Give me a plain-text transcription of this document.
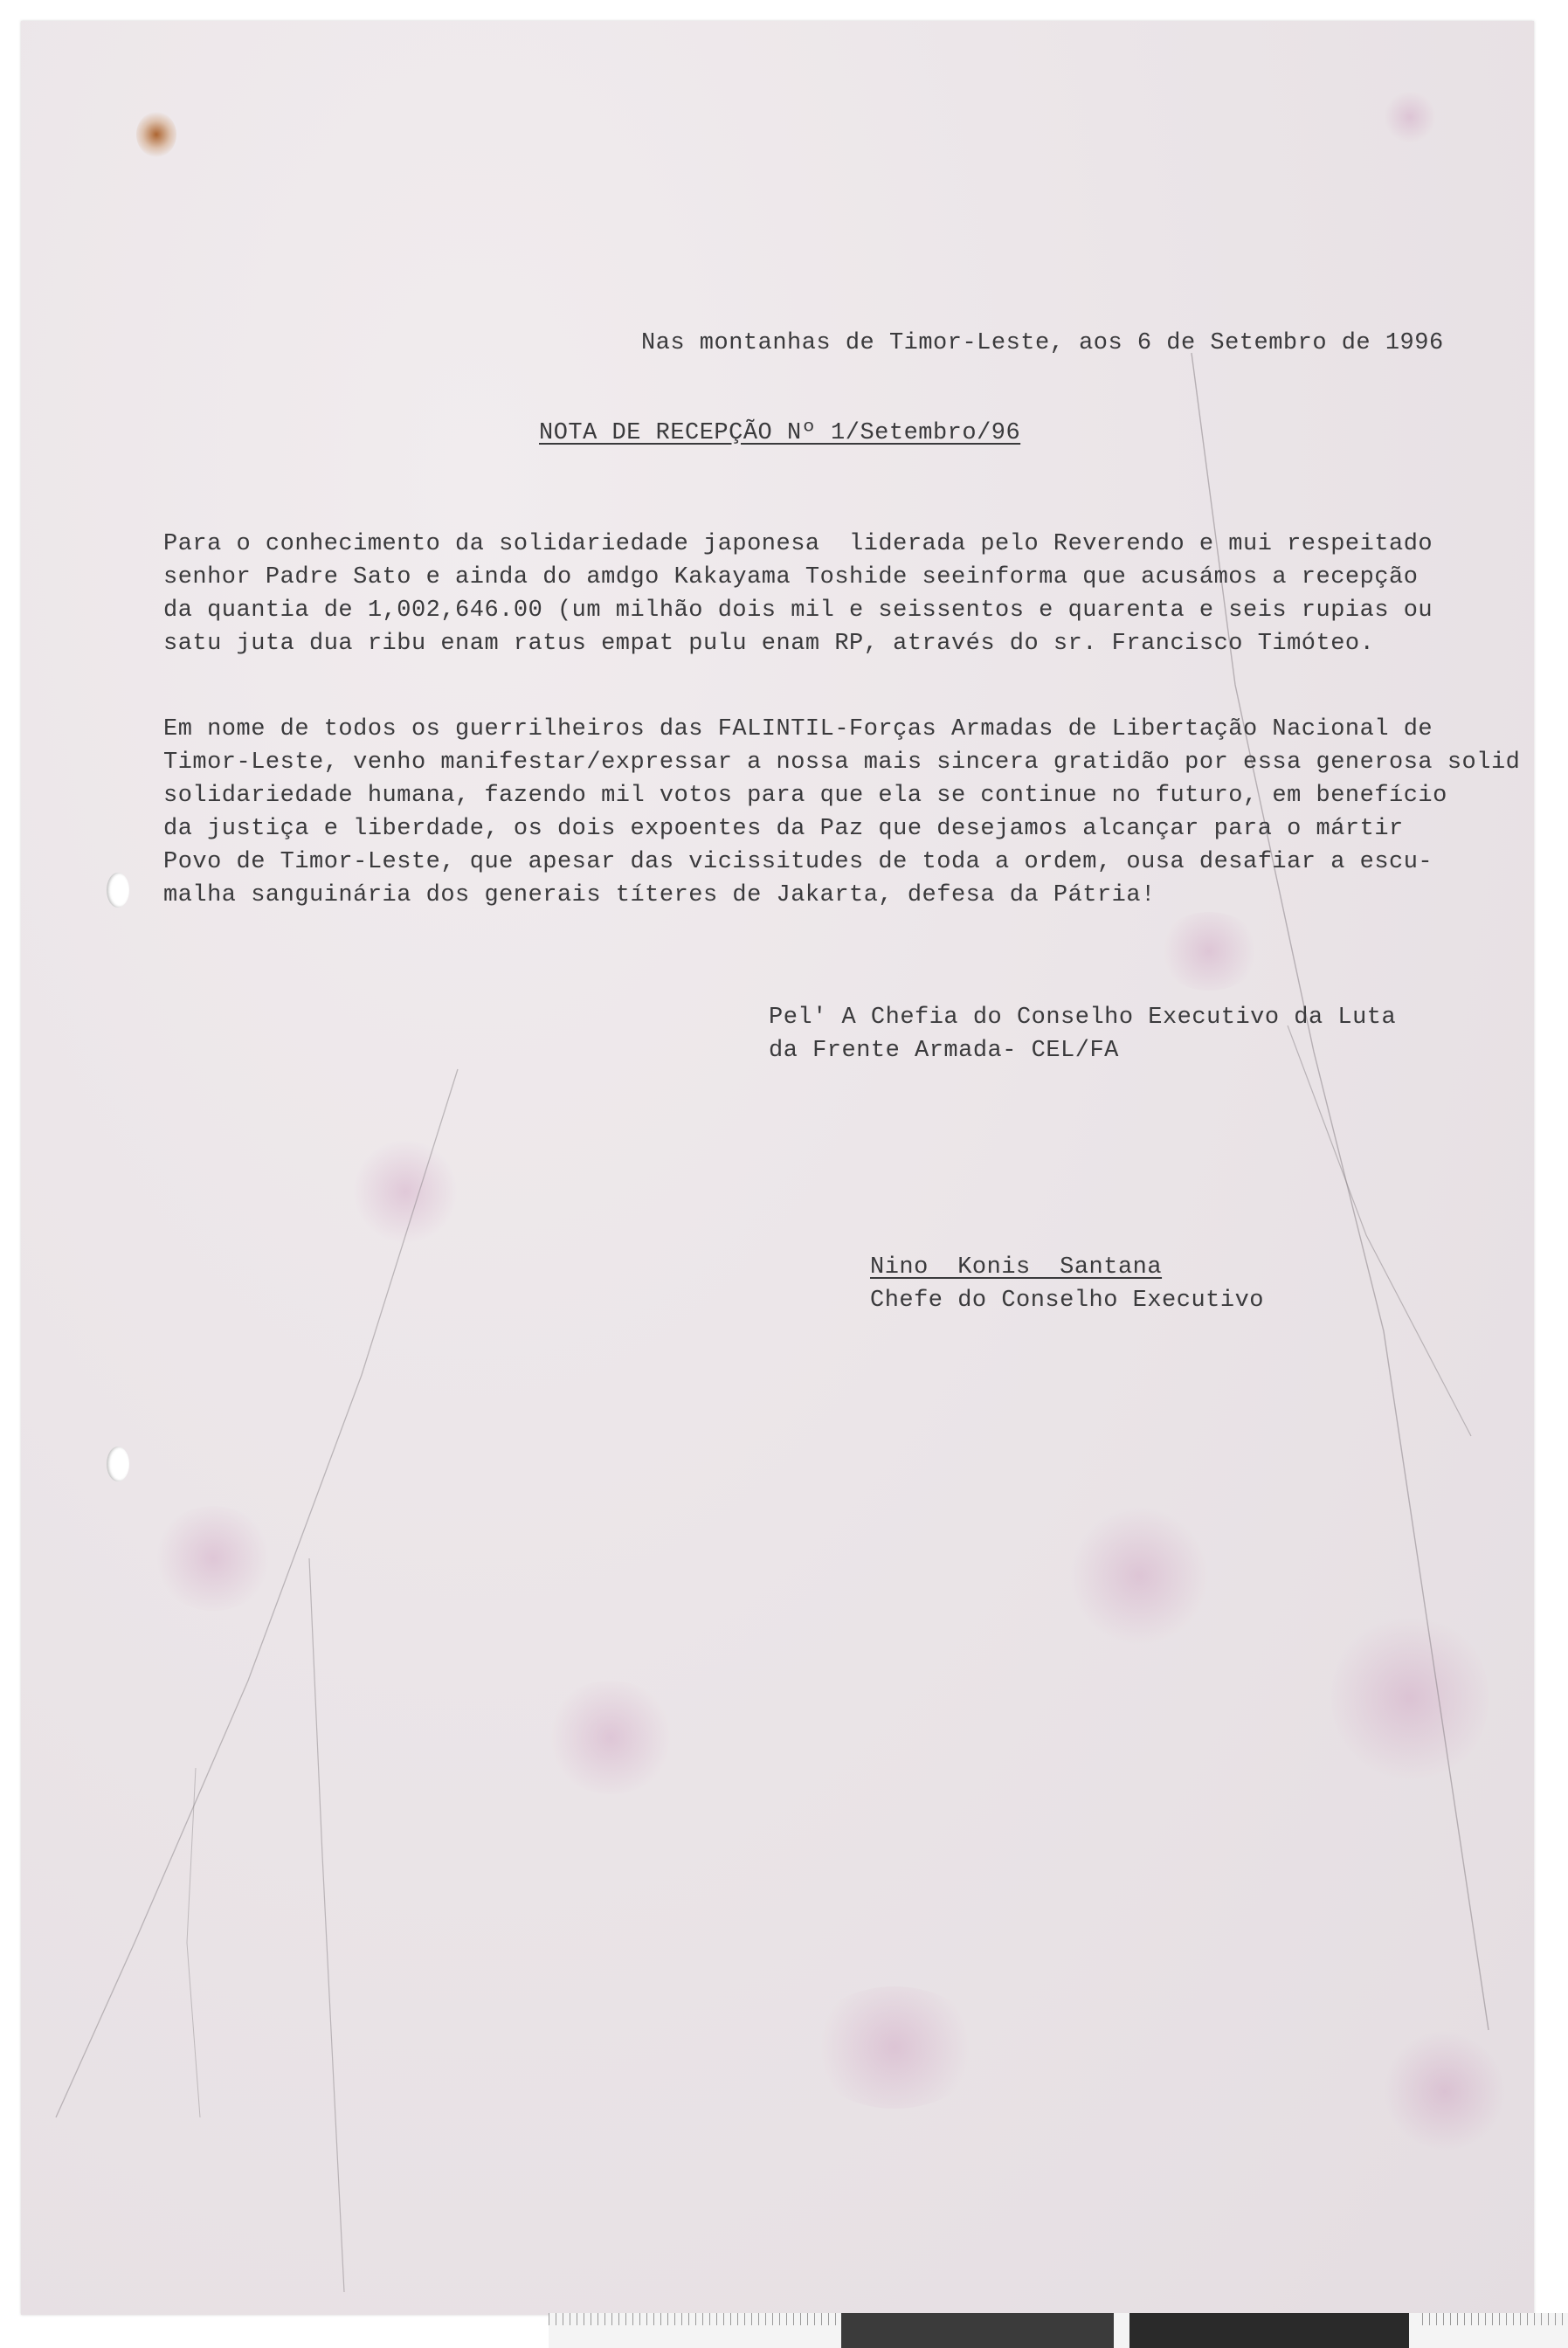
Nas montanhas de Timor-Leste, aos 6 de Setembro de 1996
NOTA DE RECEPÇÃO Nº 1/Setembro/96
Para o conhecimento da solidariedade japonesa  liderada pelo Reverendo e mui respeitado
senhor Padre Sato e ainda do amdgo Kakayama Toshide seeinforma que acusámos a recepção
da quantia de 1,002,646.00 (um milhão dois mil e seissentos e quarenta e seis rupias ou
satu juta dua ribu enam ratus empat pulu enam RP, através do sr. Francisco Timóteo.
Em nome de todos os guerrilheiros das FALINTIL-Forças Armadas de Libertação Nacional de
Timor-Leste, venho manifestar/expressar a nossa mais sincera gratidão por essa generosa solid
solidariedade humana, fazendo mil votos para que ela se continue no futuro, em benefício
da justiça e liberdade, os dois expoentes da Paz que desejamos alcançar para o mártir
Povo de Timor-Leste, que apesar das vicissitudes de toda a ordem, ousa desafiar a escu-
malha sanguinária dos generais títeres de Jakarta, defesa da Pátria!
Pel' A Chefia do Conselho Executivo da Luta
da Frente Armada- CEL/FA
Nino  Konis  Santana
Chefe do Conselho Executivo
